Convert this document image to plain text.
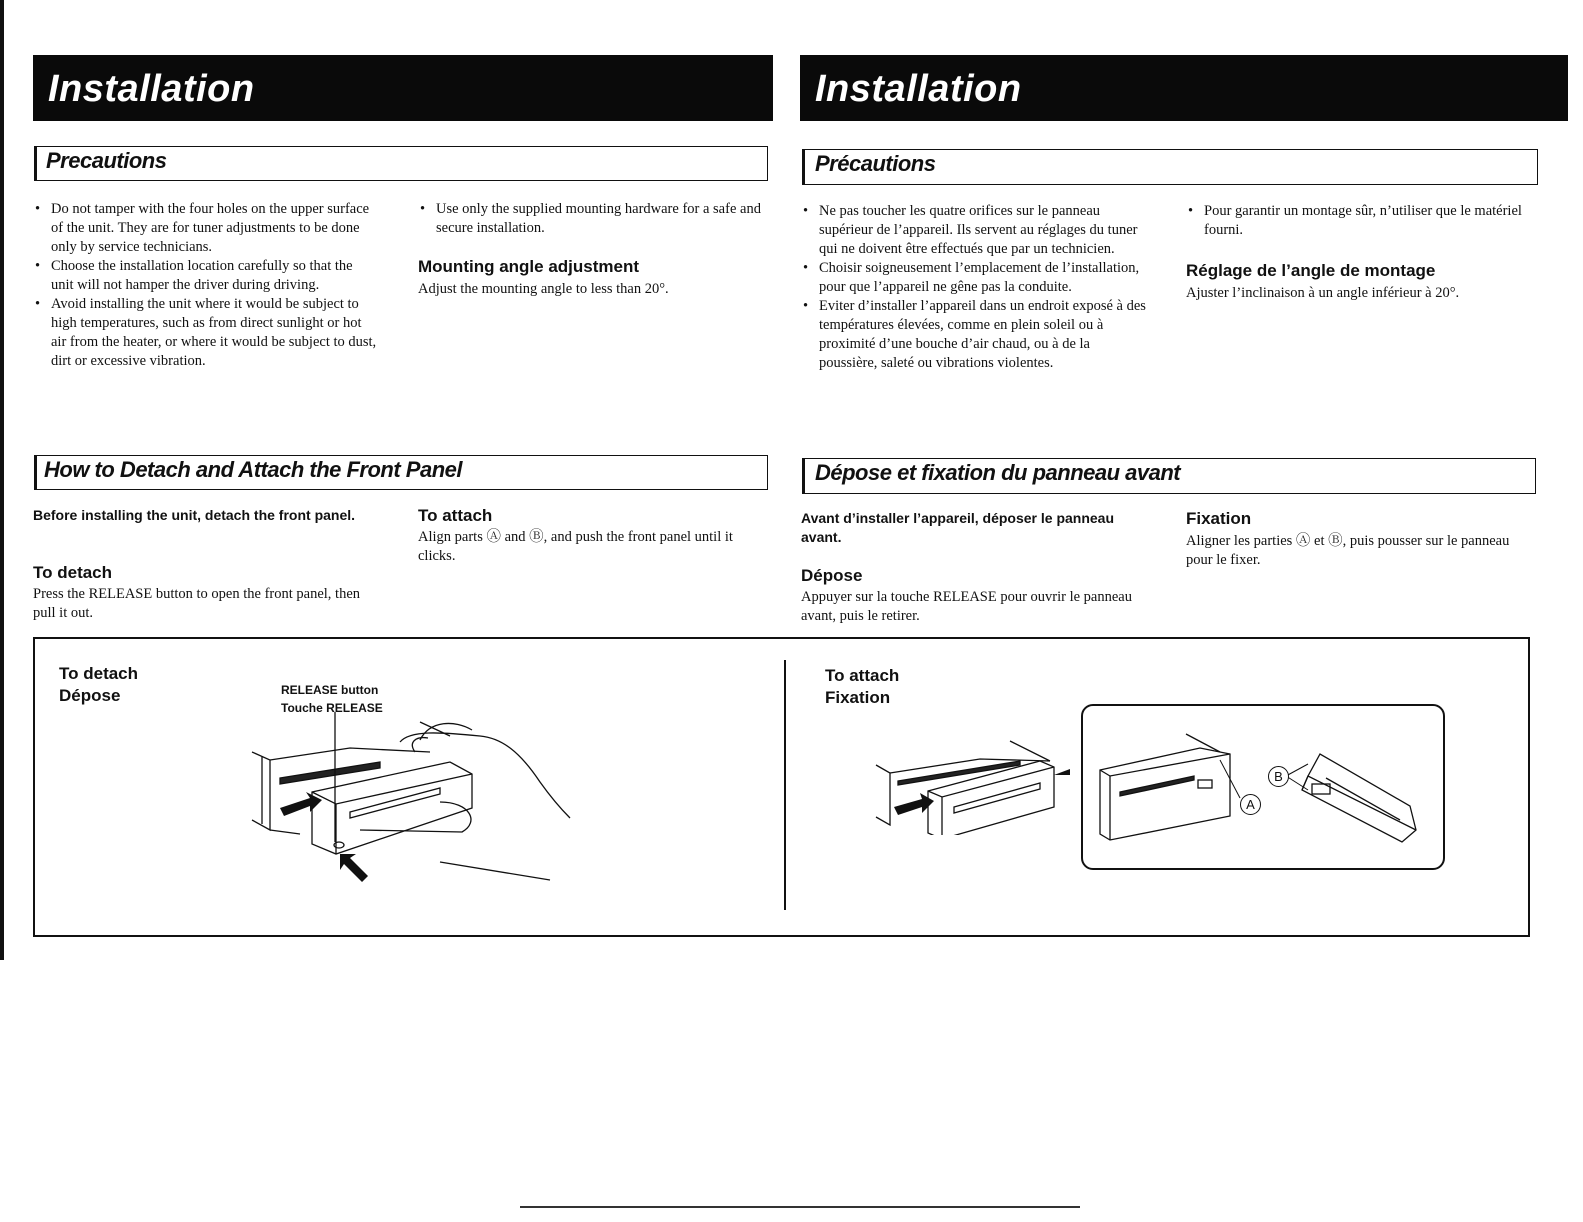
Installation	Installation
Precautions
• Do not tamper with the four holes on the upper surface of the unit. They are for tuner adjustments to be done only by service technicians.
• Choose the installation location carefully so that the unit will not hamper the driver during driving.
• Avoid installing the unit where it would be subject to high temperatures, such as from direct sunlight or hot air from the heater, or where it would be subject to dust, dirt or excessive vibration.
• Use only the supplied mounting hardware for a safe and secure installation.
Mounting angle adjustment
Adjust the mounting angle to less than 20°.
How to Detach and Attach the Front Panel
Before installing the unit, detach the front panel.
To detach
Press the RELEASE button to open the front panel, then pull it out.
To attach
Align parts Ⓐ and Ⓑ, and push the front panel until it clicks.
Précautions
• Ne pas toucher les quatre orifices sur le panneau supérieur de l’appareil. Ils servent au réglages du tuner qui ne doivent être effectués que par un technicien.
• Choisir soigneusement l’emplacement de l’installation, pour que l’appareil ne gêne pas la conduite.
• Eviter d’installer l’appareil dans un endroit exposé à des températures élevées, comme en plein soleil ou à proximité d’une bouche d’air chaud, ou à de la poussière, saleté ou vibrations violentes.
• Pour garantir un montage sûr, n’utiliser que le matériel fourni.
Réglage de l’angle de montage
Ajuster l’inclinaison à un angle inférieur à 20°.
Dépose et fixation du panneau avant
Avant d’installer l’appareil, déposer le panneau avant.
Dépose
Appuyer sur la touche RELEASE pour ouvrir le panneau avant, puis le retirer.
Fixation
Aligner les parties Ⓐ et Ⓑ, puis pousser sur le panneau pour le fixer.
To detach
Dépose	RELEASE button
Touche RELEASE
To attach
Fixation
B
A
